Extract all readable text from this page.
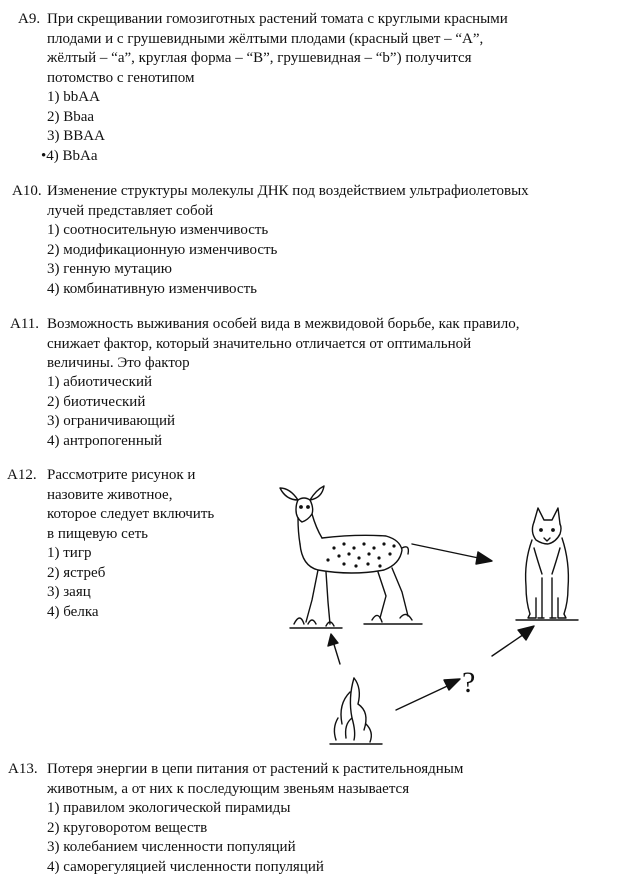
А9. При скрещивании гомозиготных растений томата с круглыми красными
плодами и с грушевидными жёлтыми плодами (красный цвет – “А”,
жёлтый – “а”, круглая форма – “В”, грушевидная – “b”) получится
потомство с генотипом
1) bbAA
2) Bbaa
3) BBAA
•4) BbAa
А10. Изменение структуры молекулы ДНК под воздействием ультрафиолетовых
лучей представляет собой
1) соотносительную изменчивость
2) модификационную изменчивость
3) генную мутацию
4) комбинативную изменчивость
А11. Возможность выживания особей вида в межвидовой борьбе, как правило,
снижает фактор, который значительно отличается от оптимальной
величины. Это фактор
1) абиотический
2) биотический
3) ограничивающий
4) антропогенный
А12. Рассмотрите рисунок и
назовите животное,
которое следует включить
в пищевую сеть
1) тигр
2) ястреб
3) заяц
4) белка
?
А13. Потеря энергии в цепи питания от растений к растительноядным
животным, а от них к последующим звеньям называется
1) правилом экологической пирамиды
2) круговоротом веществ
3) колебанием численности популяций
4) саморегуляцией численности популяций
